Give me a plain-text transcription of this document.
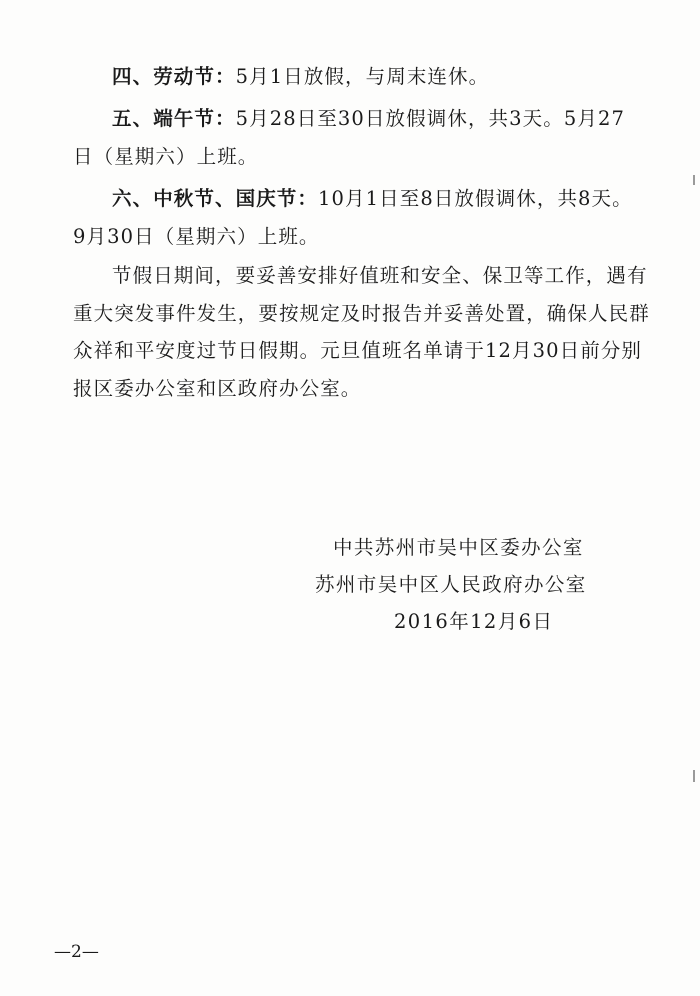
四、劳动节：5月1日放假，与周末连休。
五、端午节：5月28日至30日放假调休，共3天。5月27
日（星期六）上班。
六、中秋节、国庆节：10月1日至8日放假调休，共8天。
9月30日（星期六）上班。
节假日期间，要妥善安排好值班和安全、保卫等工作，遇有
重大突发事件发生，要按规定及时报告并妥善处置，确保人民群
众祥和平安度过节日假期。元旦值班名单请于12月30日前分别
报区委办公室和区政府办公室。
中共苏州市吴中区委办公室
苏州市吴中区人民政府办公室
2016年12月6日
—2—
